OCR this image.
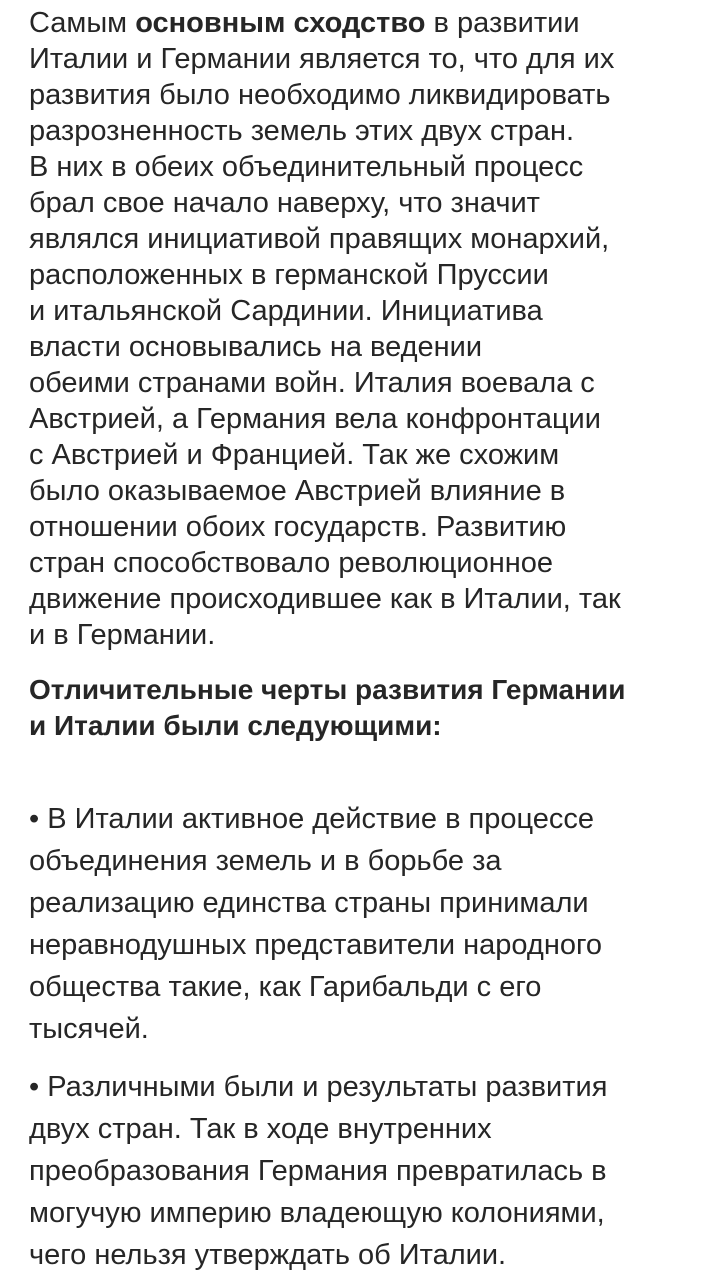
Самым основным сходство в развитии
Италии и Германии является то, что для их
развития было необходимо ликвидировать
разрозненность земель этих двух стран.
В них в обеих объединительный процесс
брал свое начало наверху, что значит
являлся инициативой правящих монархий,
расположенных в германской Пруссии
и итальянской Сардинии. Инициатива
власти основывались на ведении
обеими странами войн. Италия воевала с
Австрией, а Германия вела конфронтации
с Австрией и Францией. Так же схожим
было оказываемое Австрией влияние в
отношении обоих государств. Развитию
стран способствовало революционное
движение происходившее как в Италии, так
и в Германии.
Отличительные черты развития Германии
и Италии были следующими:
• В Италии активное действие в процессе
объединения земель и в борьбе за
реализацию единства страны принимали
неравнодушных представители народного
общества такие, как Гарибальди с его
тысячей.
• Различными были и результаты развития
двух стран. Так в ходе внутренних
преобразования Германия превратилась в
могучую империю владеющую колониями,
чего нельзя утверждать об Италии.
